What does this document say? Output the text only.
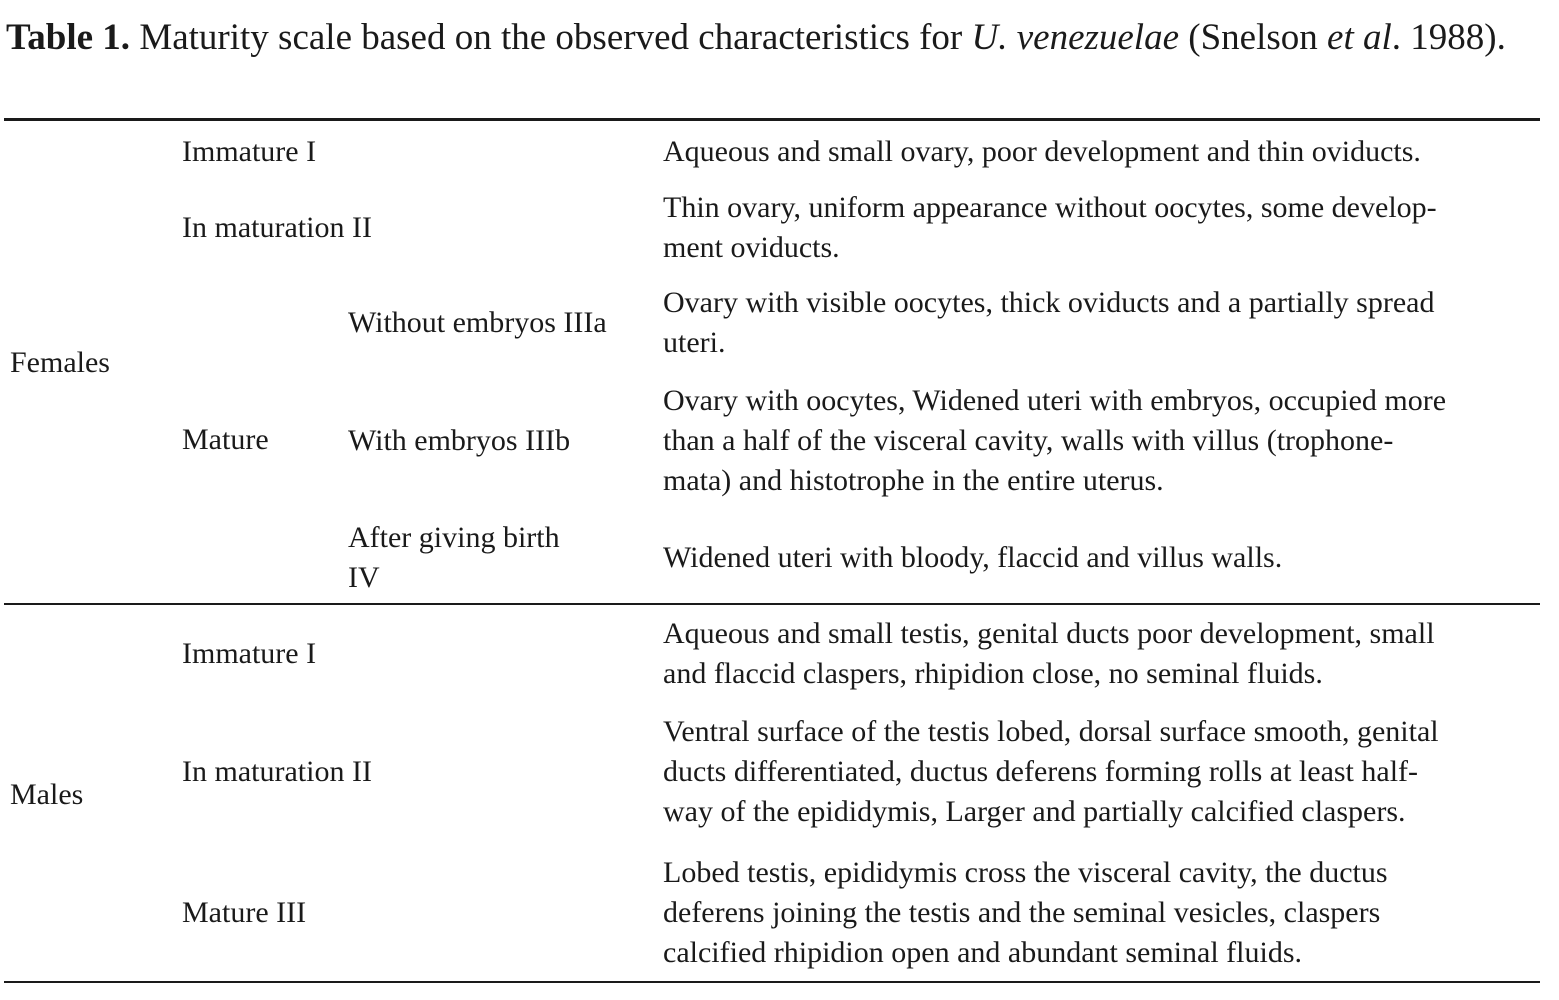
Table 1. Maturity scale based on the observed characteristics for U. venezuelae (Snelson et al. 1988).
Females
Immature I	Aqueous and small ovary, poor development and thin oviducts.
In maturation II
Thin ovary, uniform appearance without oocytes, some develop-
ment oviducts.
Mature
Without embryos IIIa
Ovary with visible oocytes, thick oviducts and a partially spread
uteri.
With embryos IIIb
Ovary with oocytes, Widened uteri with embryos, occupied more
than a half of the visceral cavity, walls with villus (trophone-
mata) and histotrophe in the entire uterus.
After giving birth
IV
Widened uteri with bloody, flaccid and villus walls.
Males
Immature I
Aqueous and small testis, genital ducts poor development, small
and flaccid claspers, rhipidion close, no seminal fluids.
In maturation II
Ventral surface of the testis lobed, dorsal surface smooth, genital
ducts differentiated, ductus deferens forming rolls at least half-
way of the epididymis, Larger and partially calcified claspers.
Mature III
Lobed testis, epididymis cross the visceral cavity, the ductus
deferens joining the testis and the seminal vesicles, claspers
calcified rhipidion open and abundant seminal fluids.
